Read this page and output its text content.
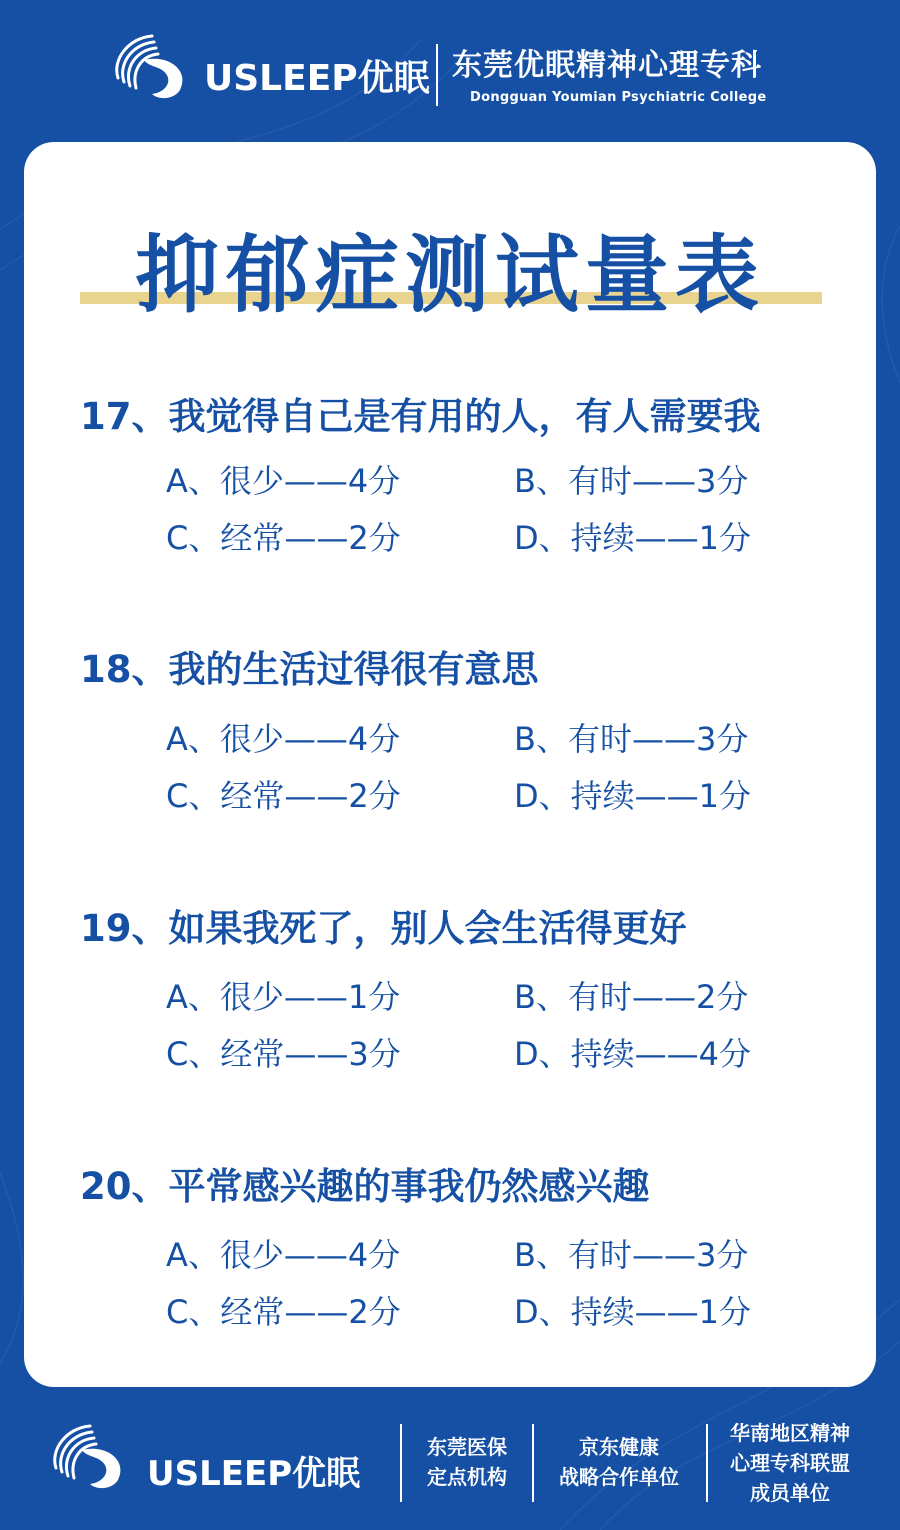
USLEEP优眠 东莞优眠精神心理专科
Dongguan Youmian Psychiatric College
抑郁症测试量表
17、我觉得自己是有用的人，有人需要我
A、很少——4分	B、有时——3分
C、经常——2分	D、持续——1分
18、我的生活过得很有意思
A、很少——4分	B、有时——3分
C、经常——2分	D、持续——1分
19、如果我死了，别人会生活得更好
A、很少——1分	B、有时——2分
C、经常——3分	D、持续——4分
20、平常感兴趣的事我仍然感兴趣
A、很少——4分	B、有时——3分
C、经常——2分	D、持续——1分
USLEEP优眠
东莞医保
定点机构
京东健康
战略合作单位
华南地区精神
心理专科联盟
成员单位
